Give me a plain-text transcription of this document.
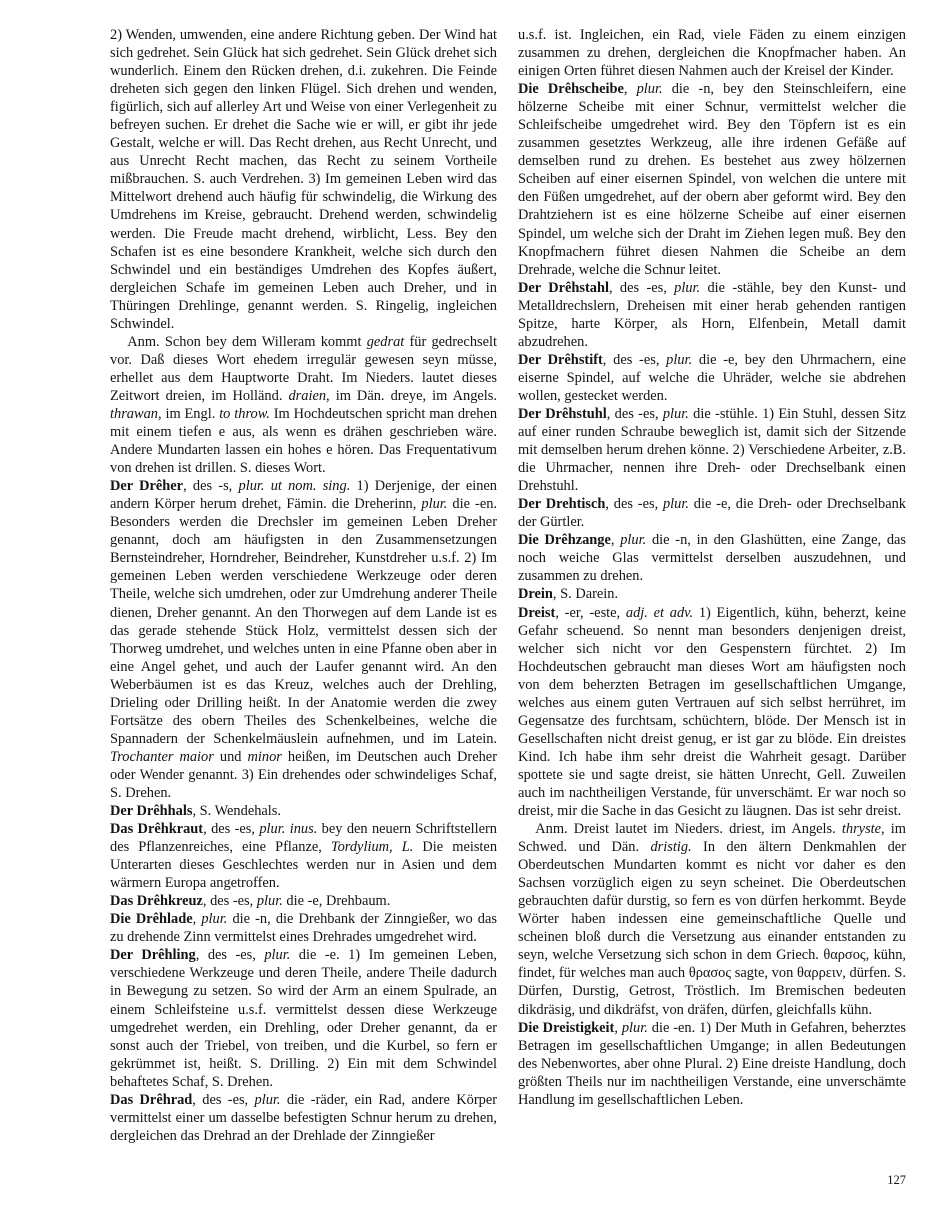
2) Wenden, umwenden, eine andere Richtung geben. Der Wind hat sich gedrehet. Sein Glück hat sich gedrehet. Sein Glück drehet sich wunderlich. Einem den Rücken drehen, d.i. zukehren. Die Feinde dreheten sich gegen den linken Flügel. Sich drehen und wenden, figürlich, sich auf allerley Art und Weise von einer Verlegenheit zu befreyen suchen. Er drehet die Sache wie er will, er gibt ihr jede Gestalt, welche er will. Das Recht drehen, aus Recht Unrecht, und aus Unrecht Recht machen, das Recht zu seinem Vortheile mißbrauchen. S. auch Verdrehen. 3) Im gemeinen Leben wird das Mittelwort drehend auch häufig für schwindelig, die Wirkung des Umdrehens im Kreise, gebraucht. Drehend werden, schwindelig werden. Die Freude macht drehend, wirblicht, Less. Bey den Schafen ist es eine besondere Krankheit, welche sich durch den Schwindel und ein beständiges Umdrehen des Kopfes äußert, dergleichen Schafe im gemeinen Leben auch Dreher, und in Thüringen Drehlinge, genannt werden. S. Ringelig, ingleichen Schwindel.

Anm. Schon bey dem Willeram kommt gedrat für gedrechselt vor. Daß dieses Wort ehedem irregulär gewesen seyn müsse, erhellet aus dem Hauptworte Draht. Im Nieders. lautet dieses Zeitwort dreien, im Holländ. draien, im Dän. dreye, im Angels. thrawan, im Engl. to throw. Im Hochdeutschen spricht man drehen mit einem tiefen e aus, als wenn es drähen geschrieben wäre. Andere Mundarten lassen ein hohes e hören. Das Frequentativum von drehen ist drillen. S. dieses Wort.

Der Drêher, des -s, plur. ut nom. sing. 1) Derjenige, der einen andern Körper herum drehet, Fämin. die Dreherinn, plur. die -en. Besonders werden die Drechsler im gemeinen Leben Dreher genannt, doch am häufigsten in den Zusammensetzungen Bernsteindreher, Horndreher, Beindreher, Kunstdreher u.s.f. 2) Im gemeinen Leben werden verschiedene Werkzeuge oder deren Theile, welche sich umdrehen, oder zur Umdrehung anderer Theile dienen, Dreher genannt. An den Thorwegen auf dem Lande ist es das gerade stehende Stück Holz, vermittelst dessen sich der Thorweg umdrehet, und welches unten in eine Pfanne oben aber in eine Angel gehet, und auch der Laufer genannt wird. An den Weberbäumen ist es das Kreuz, welches auch der Drehling, Drieling oder Drilling heißt. In der Anatomie werden die zwey Fortsätze des obern Theiles des Schenkelbeines, welche die Spannadern der Schenkelmäuslein aufnehmen, und im Latein. Trochanter maior und minor heißen, im Deutschen auch Dreher oder Wender genannt. 3) Ein drehendes oder schwindeliges Schaf, S. Drehen.

Der Drêhhals, S. Wendehals.

Das Drêhkraut, des -es, plur. inus. bey den neuern Schriftstellern des Pflanzenreiches, eine Pflanze, Tordylium, L. Die meisten Unterarten dieses Geschlechtes werden nur in Asien und dem wärmern Europa angetroffen.

Das Drêhkreuz, des -es, plur. die -e, Drehbaum.

Die Drêhlade, plur. die -n, die Drehbank der Zinngießer, wo das zu drehende Zinn vermittelst eines Drehrades umgedrehet wird.

Der Drêhling, des -es, plur. die -e. 1) Im gemeinen Leben, verschiedene Werkzeuge und deren Theile, andere Theile dadurch in Bewegung zu setzen. So wird der Arm an einem Spulrade, an einem Schleifsteine u.s.f. vermittelst dessen diese Werkzeuge umgedrehet werden, ein Drehling, oder Dreher genannt, da er sonst auch der Triebel, von treiben, und die Kurbel, so fern er gekrümmet ist, heißt. S. Drilling. 2) Ein mit dem Schwindel behaftetes Schaf, S. Drehen.

Das Drêhrad, des -es, plur. die -räder, ein Rad, andere Körper vermittelst einer um dasselbe befestigten Schnur herum zu drehen, dergleichen das Drehrad an der Drehlade der Zinngießer

u.s.f. ist. Ingleichen, ein Rad, viele Fäden zu einem einzigen zusammen zu drehen, dergleichen die Knopfmacher haben. An einigen Orten führet diesen Nahmen auch der Kreisel der Kinder.

Die Drêhscheibe, plur. die -n, bey den Steinschleifern, eine hölzerne Scheibe mit einer Schnur, vermittelst welcher die Schleifscheibe umgedrehet wird. Bey den Töpfern ist es ein zusammen gesetztes Werkzeug, alle ihre irdenen Gefäße auf demselben rund zu drehen. Es bestehet aus zwey hölzernen Scheiben auf einer eisernen Spindel, von welchen die untere mit den Füßen umgedrehet, auf der obern aber geformt wird. Bey den Drahtziehern ist es eine hölzerne Scheibe auf einer eisernen Spindel, um welche sich der Draht im Ziehen legen muß. Bey den Knopfmachern führet diesen Nahmen die Scheibe an dem Drehrade, welche die Schnur leitet.

Der Drêhstahl, des -es, plur. die -stähle, bey den Kunst- und Metalldrechslern, Dreheisen mit einer herab gehenden rantigen Spitze, harte Körper, als Horn, Elfenbein, Metall damit abzudrehen.

Der Drêhstift, des -es, plur. die -e, bey den Uhrmachern, eine eiserne Spindel, auf welche die Uhräder, welche sie abdrehen wollen, gestecket werden.

Der Drêhstuhl, des -es, plur. die -stühle. 1) Ein Stuhl, dessen Sitz auf einer runden Schraube beweglich ist, damit sich der Sitzende mit demselben herum drehen könne. 2) Verschiedene Arbeiter, z.B. die Uhrmacher, nennen ihre Dreh- oder Drechselbank einen Drehstuhl.

Der Drehtisch, des -es, plur. die -e, die Dreh- oder Drechselbank der Gürtler.

Die Drêhzange, plur. die -n, in den Glashütten, eine Zange, das noch weiche Glas vermittelst derselben auszudehnen, und zusammen zu drehen.

Drein, S. Darein.

Dreist, -er, -este, adj. et adv. 1) Eigentlich, kühn, beherzt, keine Gefahr scheuend. So nennt man besonders denjenigen dreist, welcher sich nicht vor den Gespenstern fürchtet. 2) Im Hochdeutschen gebraucht man dieses Wort am häufigsten noch von dem beherzten Betragen im gesellschaftlichen Umgange, welches aus einem guten Vertrauen auf sich selbst herrühret, im Gegensatze des furchtsam, schüchtern, blöde. Der Mensch ist in Gesellschaften nicht dreist genug, er ist gar zu blöde. Ein dreistes Kind. Ich habe ihm sehr dreist die Wahrheit gesagt. Darüber spottete sie und sagte dreist, sie hätten Unrecht, Gell. Zuweilen auch im nachtheiligen Verstande, für unverschämt. Er war noch so dreist, mir die Sache in das Gesicht zu läugnen. Das ist sehr dreist.

Anm. Dreist lautet im Nieders. driest, im Angels. thryste, im Schwed. und Dän. dristig. In den ältern Denkmahlen der Oberdeutschen Mundarten kommt es nicht vor daher es den Sachsen vorzüglich eigen zu seyn scheinet. Die Oberdeutschen gebrauchten dafür durstig, so fern es von dürfen herkommt. Beyde Wörter haben indessen eine gemeinschaftliche Quelle und scheinen bloß durch die Versetzung aus einander entstanden zu seyn, welche Versetzung sich schon in dem Griech. θαρσος, kühn, findet, für welches man auch θρασος sagte, von θαρρειν, dürfen. S. Dürfen, Durstig, Getrost, Tröstlich. Im Bremischen bedeuten dikdräsig, und dikdräfst, von dräfen, dürfen, gleichfalls kühn.

Die Dreistigkeit, plur. die -en. 1) Der Muth in Gefahren, beherztes Betragen im gesellschaftlichen Umgange; in allen Bedeutungen des Nebenwortes, aber ohne Plural. 2) Eine dreiste Handlung, doch größten Theils nur im nachtheiligen Verstande, eine unverschämte Handlung im gesellschaftlichen Leben.

127
